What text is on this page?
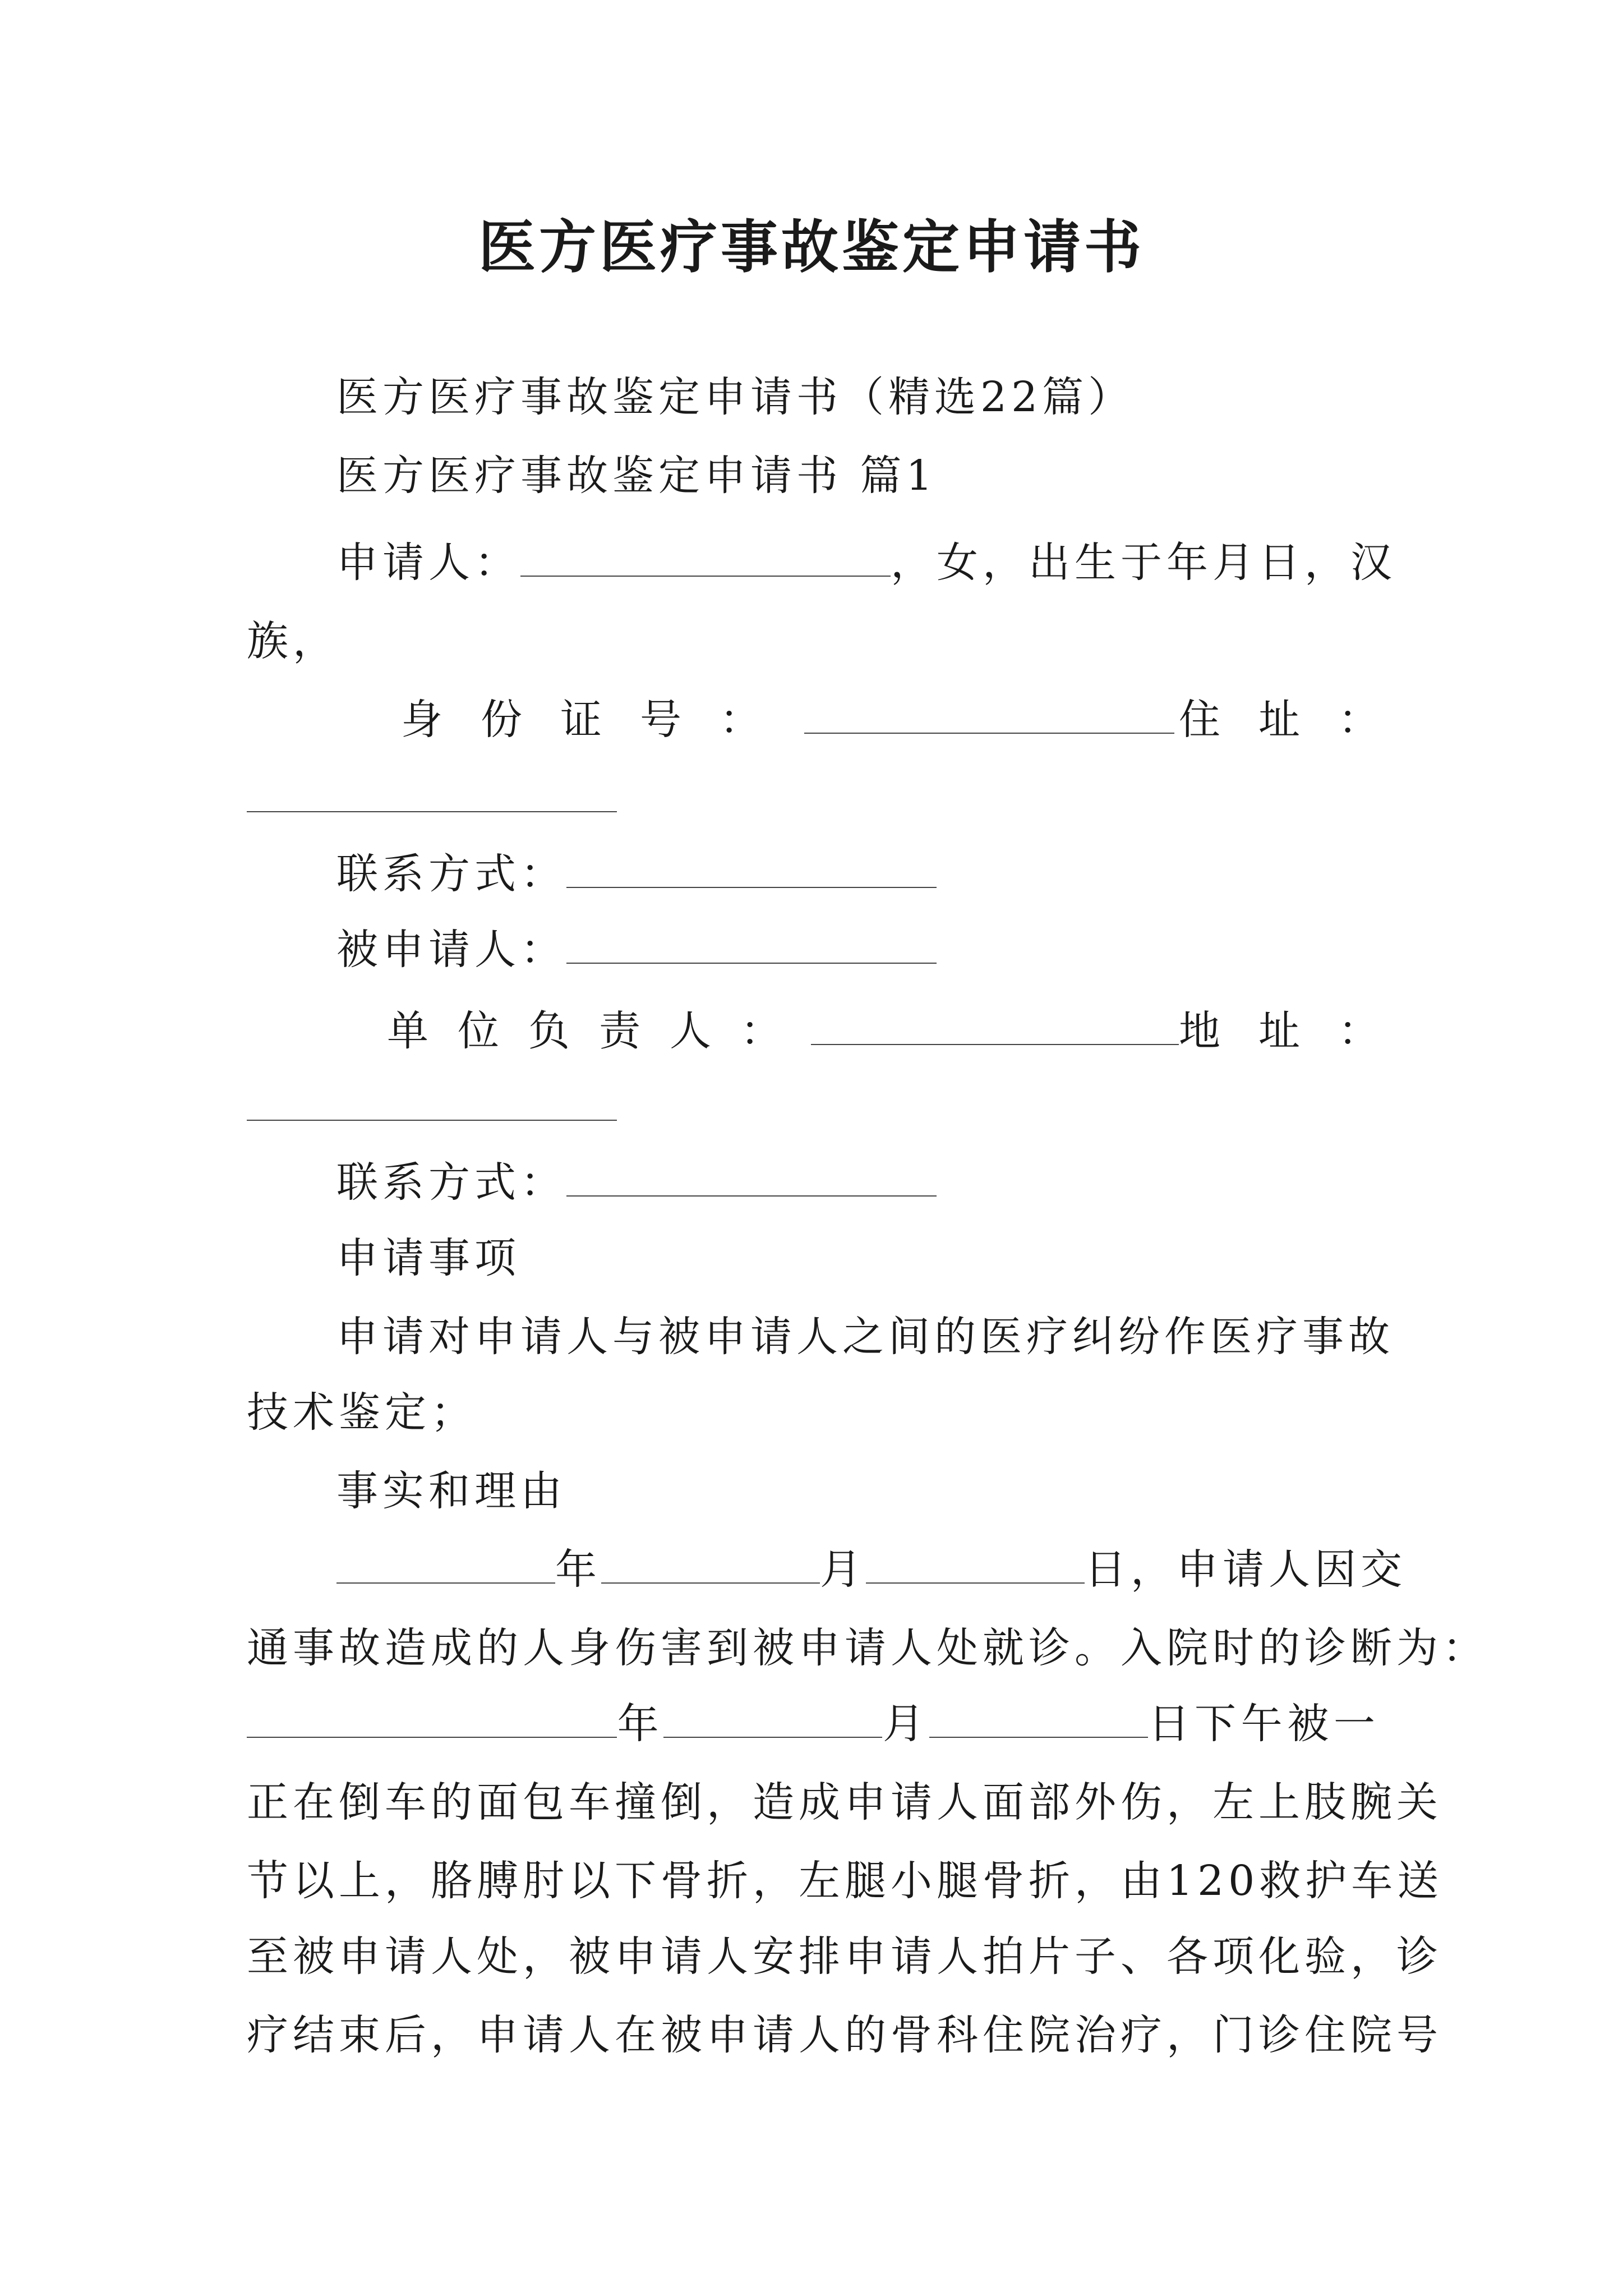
医方医疗事故鉴定申请书
医方医疗事故鉴定申请书（精选22篇）
医方医疗事故鉴定申请书 篇1
申请人：	，女，出生于年月日，汉
族，
身份证号：	住址：
联系方式：
被申请人：
单位负责人：	地址：
联系方式：
申请事项
申请对申请人与被申请人之间的医疗纠纷作医疗事故
技术鉴定；
事实和理由
年	月	日，申请人因交
通事故造成的人身伤害到被申请人处就诊。入院时的诊断为：
年	月	日下午被一
正在倒车的面包车撞倒，造成申请人面部外伤，左上肢腕关
节以上，胳膊肘以下骨折，左腿小腿骨折，由120救护车送
至被申请人处，被申请人安排申请人拍片子、各项化验，诊
疗结束后，申请人在被申请人的骨科住院治疗，门诊住院号
